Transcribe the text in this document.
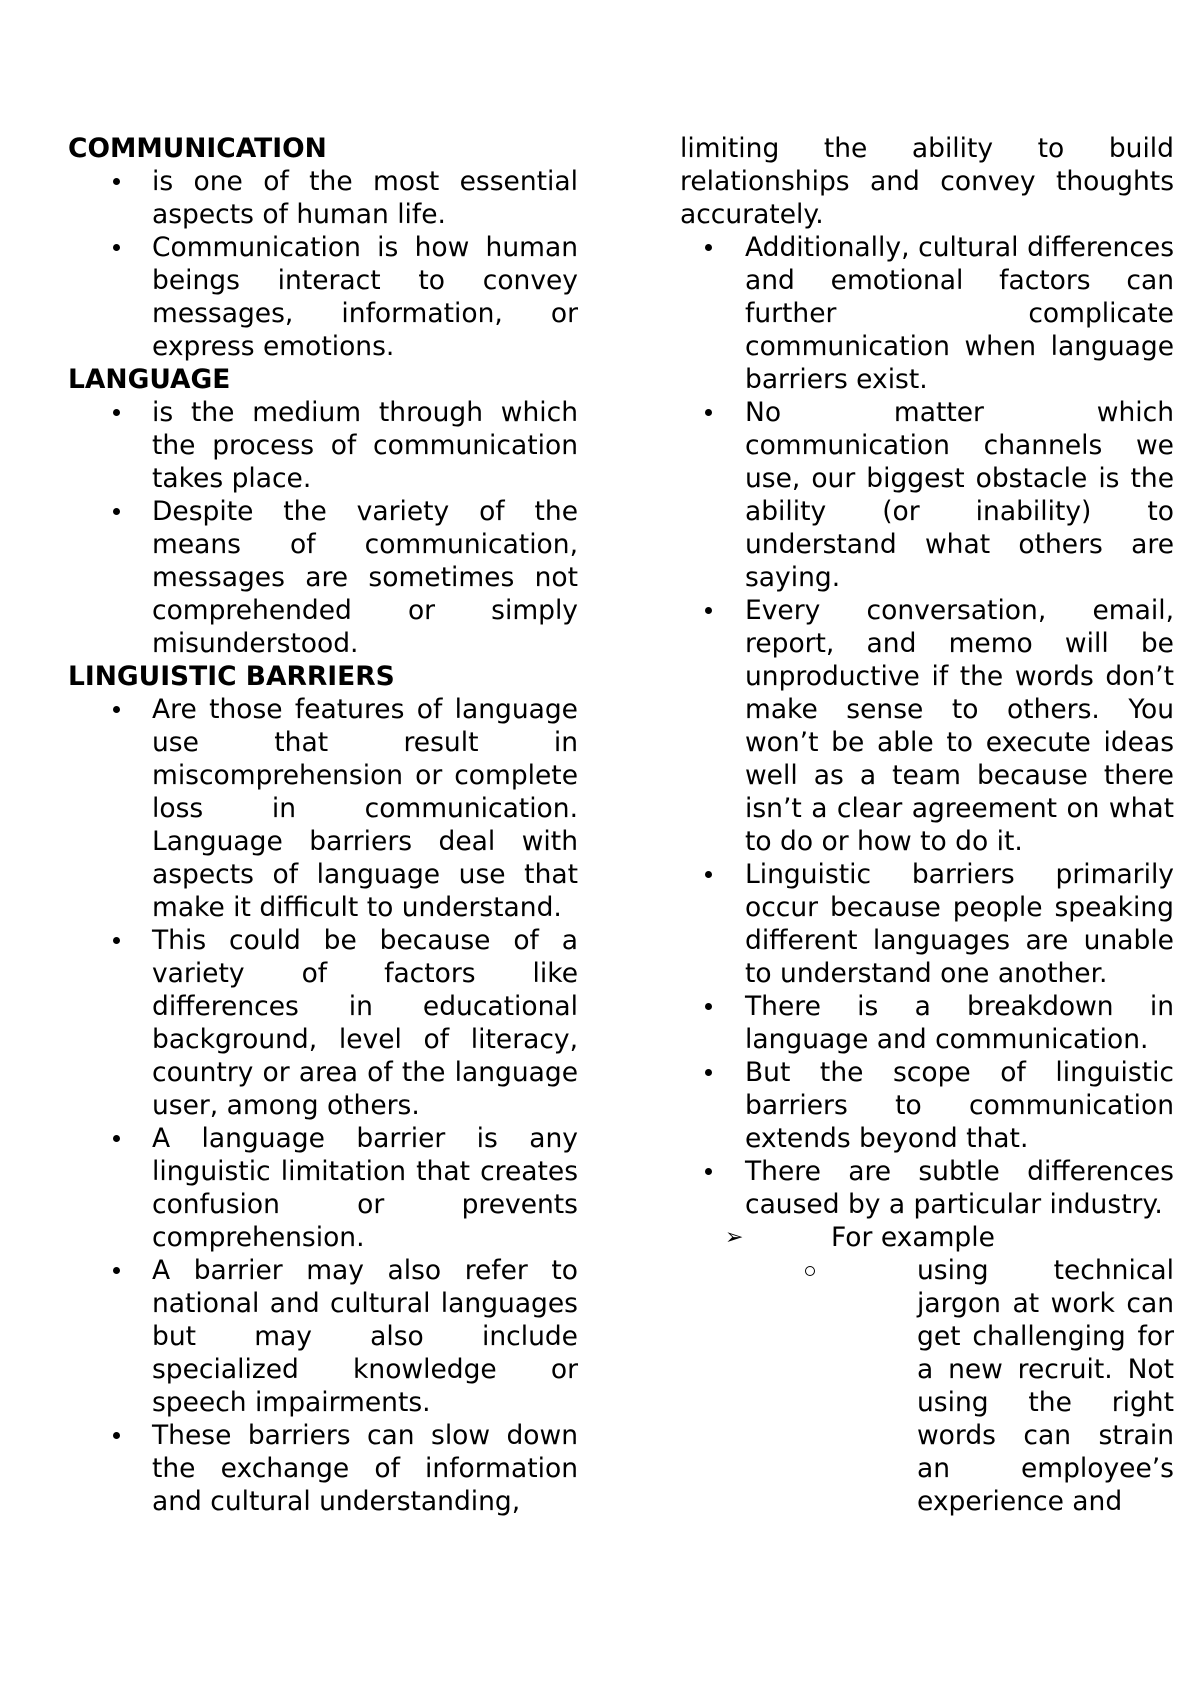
COMMUNICATION

is one of the most essential aspects of human life.
Communication is how human beings interact to convey messages, information, or express emotions.

LANGUAGE

is the medium through which the process of communication takes place.
Despite the variety of the means of communication, messages are sometimes not comprehended or simply misunderstood.

LINGUISTIC BARRIERS

Are those features of language use that result in miscomprehension or complete loss in communication. Language barriers deal with aspects of language use that make it difficult to understand.
This could be because of a variety of factors like differences in educational background, level of literacy, country or area of the language user, among others.
A language barrier is any linguistic limitation that creates confusion or prevents comprehension.
A barrier may also refer to national and cultural languages but may also include specialized knowledge or speech impairments.
These barriers can slow down the exchange of information and cultural understanding,
limiting the ability to build relationships and convey thoughts accurately.
Additionally, cultural differences and emotional factors can further complicate communication when language barriers exist.
No matter which communication channels we use, our biggest obstacle is the ability (or inability) to understand what others are saying.
Every conversation, email, report, and memo will be unproductive if the words don’t make sense to others. You won’t be able to execute ideas well as a team because there isn’t a clear agreement on what to do or how to do it.
Linguistic barriers primarily occur because people speaking different languages are unable to understand one another.
There is a breakdown in language and communication.
But the scope of linguistic barriers to communication extends beyond that.
There are subtle differences caused by a particular industry.
➢ For example
using technical jargon at work can get challenging for a new recruit. Not using the right words can strain an employee’s experience and
